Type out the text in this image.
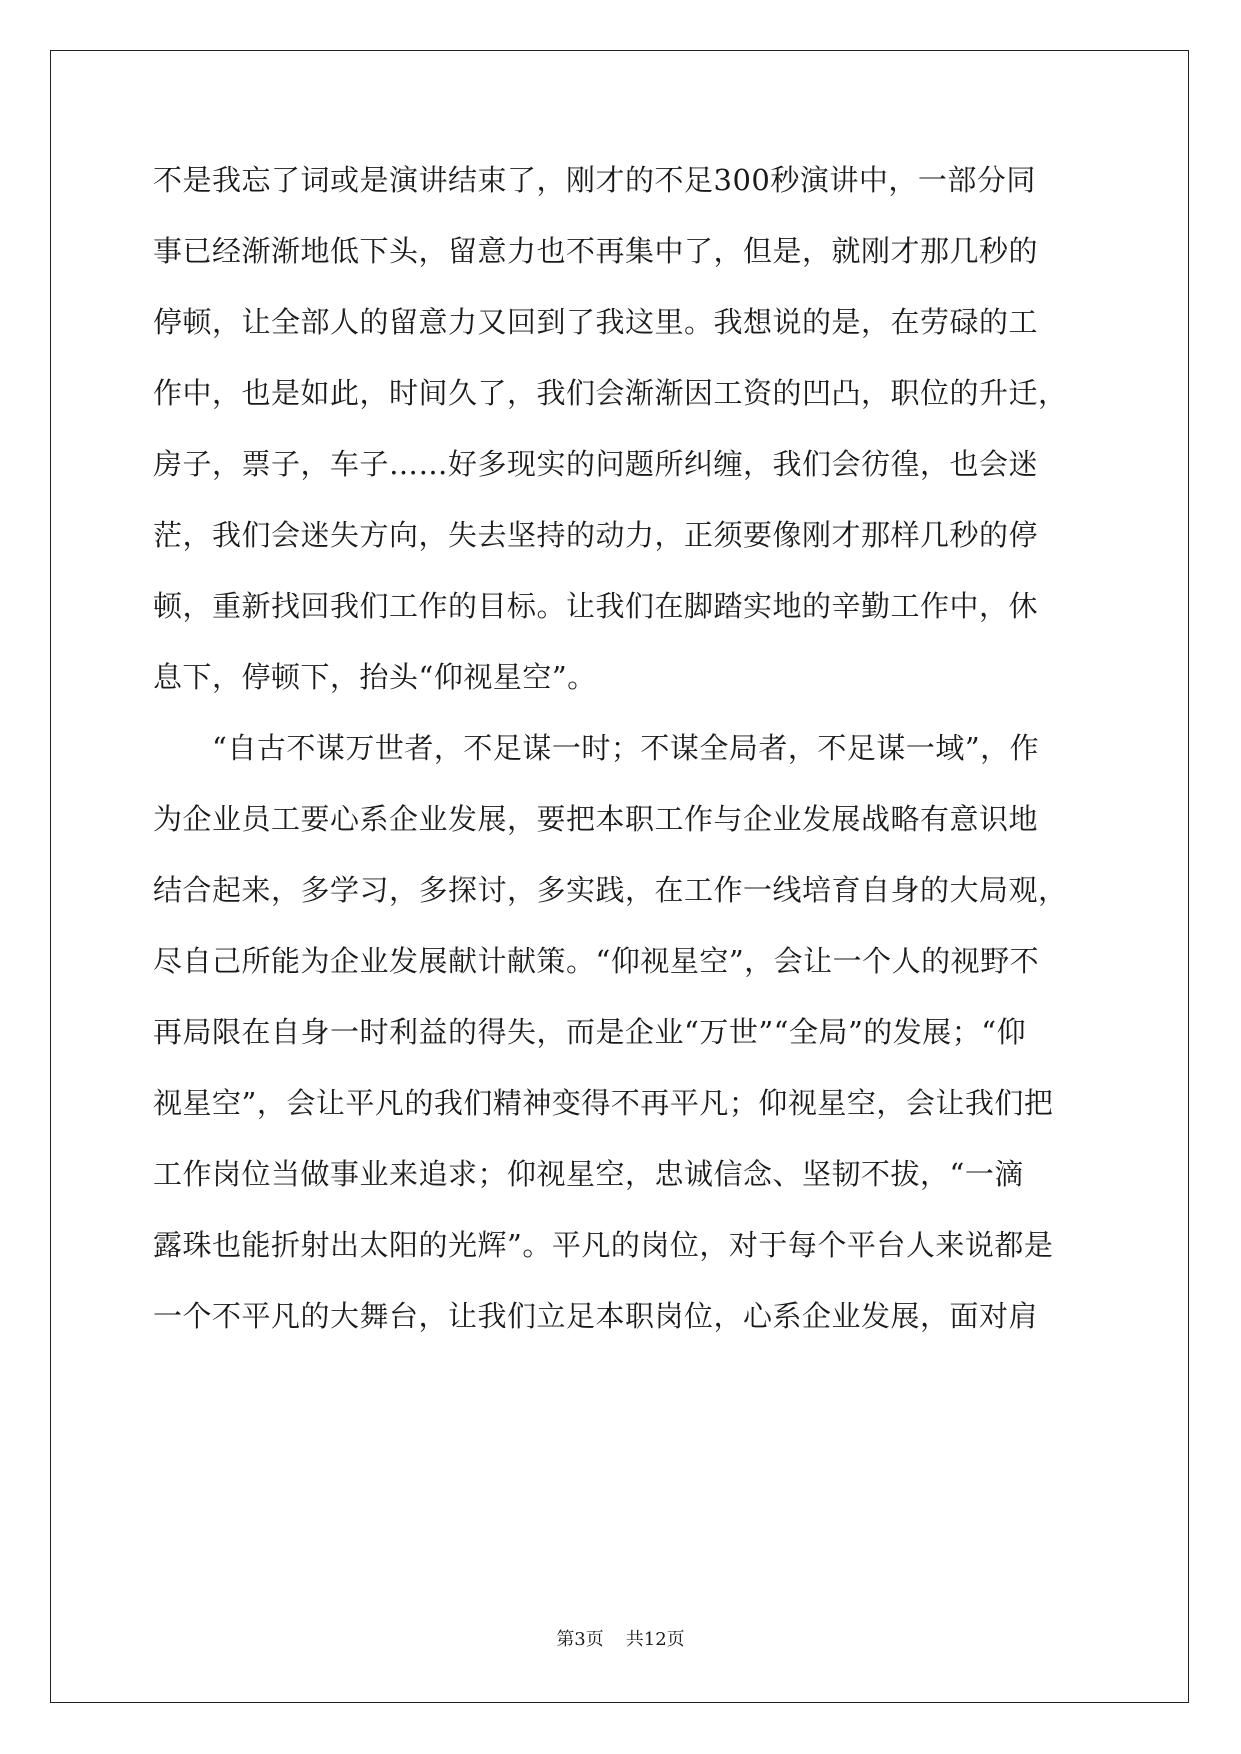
不是我忘了词或是演讲结束了，刚才的不足300秒演讲中，一部分同
事已经渐渐地低下头，留意力也不再集中了，但是，就刚才那几秒的
停顿，让全部人的留意力又回到了我这里。我想说的是，在劳碌的工
作中，也是如此，时间久了，我们会渐渐因工资的凹凸，职位的升迁，
房子，票子，车子……好多现实的问题所纠缠，我们会彷徨，也会迷
茫，我们会迷失方向，失去坚持的动力，正须要像刚才那样几秒的停
顿，重新找回我们工作的目标。让我们在脚踏实地的辛勤工作中，休
息下，停顿下，抬头“仰视星空”。
　　“自古不谋万世者，不足谋一时；不谋全局者，不足谋一域”，作
为企业员工要心系企业发展，要把本职工作与企业发展战略有意识地
结合起来，多学习，多探讨，多实践，在工作一线培育自身的大局观，
尽自己所能为企业发展献计献策。“仰视星空”，会让一个人的视野不
再局限在自身一时利益的得失，而是企业“万世”“全局”的发展；“仰
视星空”，会让平凡的我们精神变得不再平凡；仰视星空，会让我们把
工作岗位当做事业来追求；仰视星空，忠诚信念、坚韧不拔，“一滴
露珠也能折射出太阳的光辉”。平凡的岗位，对于每个平台人来说都是
一个不平凡的大舞台，让我们立足本职岗位，心系企业发展，面对肩
第3页 共12页
